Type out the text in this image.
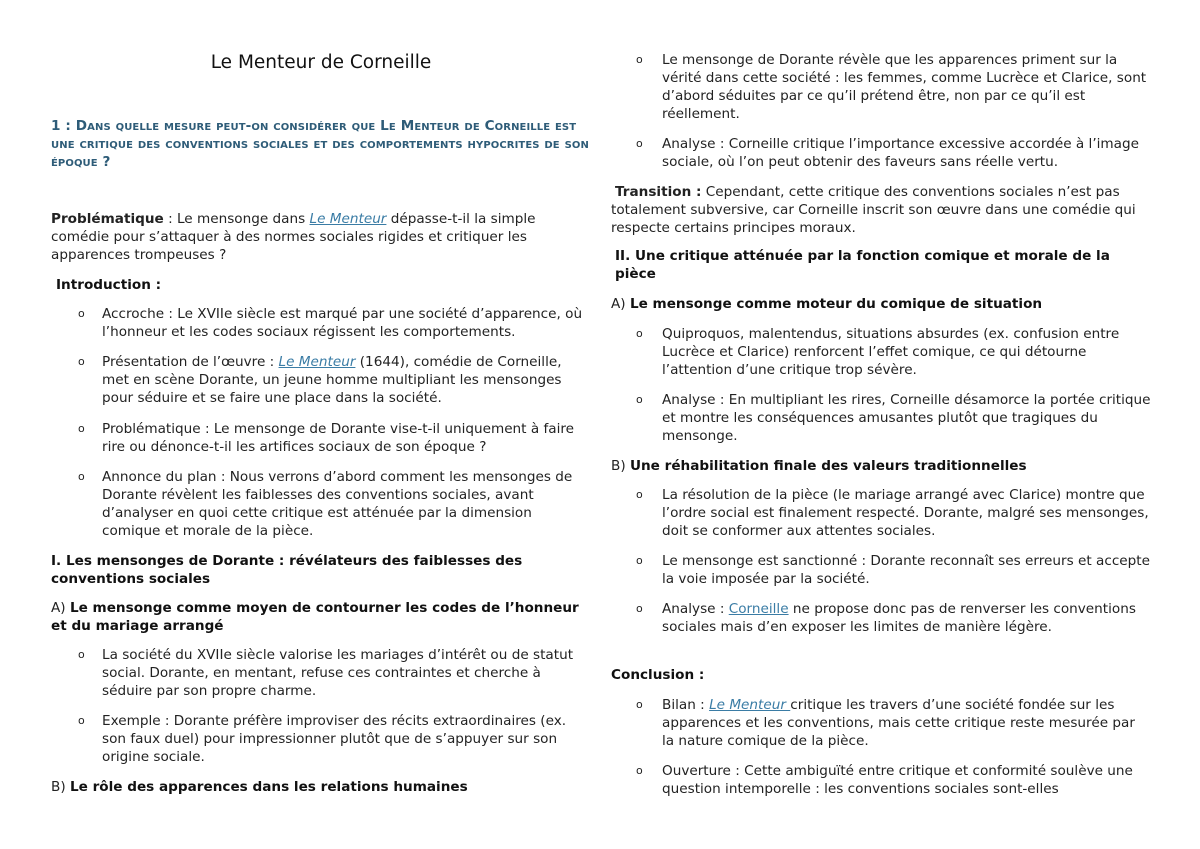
Le Menteur de Corneille
1 : Dans quelle mesure peut-on considérer que Le Menteur de Corneille est une critique des conventions sociales et des comportements hypocrites de son époque ?
Problématique : Le mensonge dans Le Menteur dépasse-t-il la simple comédie pour s’attaquer à des normes sociales rigides et critiquer les apparences trompeuses ?
Introduction :
o Accroche : Le XVIIe siècle est marqué par une société d’apparence, où l’honneur et les codes sociaux régissent les comportements.
o Présentation de l’œuvre : Le Menteur (1644), comédie de Corneille, met en scène Dorante, un jeune homme multipliant les mensonges pour séduire et se faire une place dans la société.
o Problématique : Le mensonge de Dorante vise-t-il uniquement à faire rire ou dénonce-t-il les artifices sociaux de son époque ?
o Annonce du plan : Nous verrons d’abord comment les mensonges de Dorante révèlent les faiblesses des conventions sociales, avant d’analyser en quoi cette critique est atténuée par la dimension comique et morale de la pièce.
I. Les mensonges de Dorante : révélateurs des faiblesses des conventions sociales
A) Le mensonge comme moyen de contourner les codes de l’honneur et du mariage arrangé
o La société du XVIIe siècle valorise les mariages d’intérêt ou de statut social. Dorante, en mentant, refuse ces contraintes et cherche à séduire par son propre charme.
o Exemple : Dorante préfère improviser des récits extraordinaires (ex. son faux duel) pour impressionner plutôt que de s’appuyer sur son origine sociale.
B) Le rôle des apparences dans les relations humaines
o Le mensonge de Dorante révèle que les apparences priment sur la vérité dans cette société : les femmes, comme Lucrèce et Clarice, sont d’abord séduites par ce qu’il prétend être, non par ce qu’il est réellement.
o Analyse : Corneille critique l’importance excessive accordée à l’image sociale, où l’on peut obtenir des faveurs sans réelle vertu.
Transition : Cependant, cette critique des conventions sociales n’est pas totalement subversive, car Corneille inscrit son œuvre dans une comédie qui respecte certains principes moraux.
II. Une critique atténuée par la fonction comique et morale de la pièce
A) Le mensonge comme moteur du comique de situation
o Quiproquos, malentendus, situations absurdes (ex. confusion entre Lucrèce et Clarice) renforcent l’effet comique, ce qui détourne l’attention d’une critique trop sévère.
o Analyse : En multipliant les rires, Corneille désamorce la portée critique et montre les conséquences amusantes plutôt que tragiques du mensonge.
B) Une réhabilitation finale des valeurs traditionnelles
o La résolution de la pièce (le mariage arrangé avec Clarice) montre que l’ordre social est finalement respecté. Dorante, malgré ses mensonges, doit se conformer aux attentes sociales.
o Le mensonge est sanctionné : Dorante reconnaît ses erreurs et accepte la voie imposée par la société.
o Analyse : Corneille ne propose donc pas de renverser les conventions sociales mais d’en exposer les limites de manière légère.
Conclusion :
o Bilan : Le Menteur critique les travers d’une société fondée sur les apparences et les conventions, mais cette critique reste mesurée par la nature comique de la pièce.
o Ouverture : Cette ambiguïté entre critique et conformité soulève une question intemporelle : les conventions sociales sont-elles
